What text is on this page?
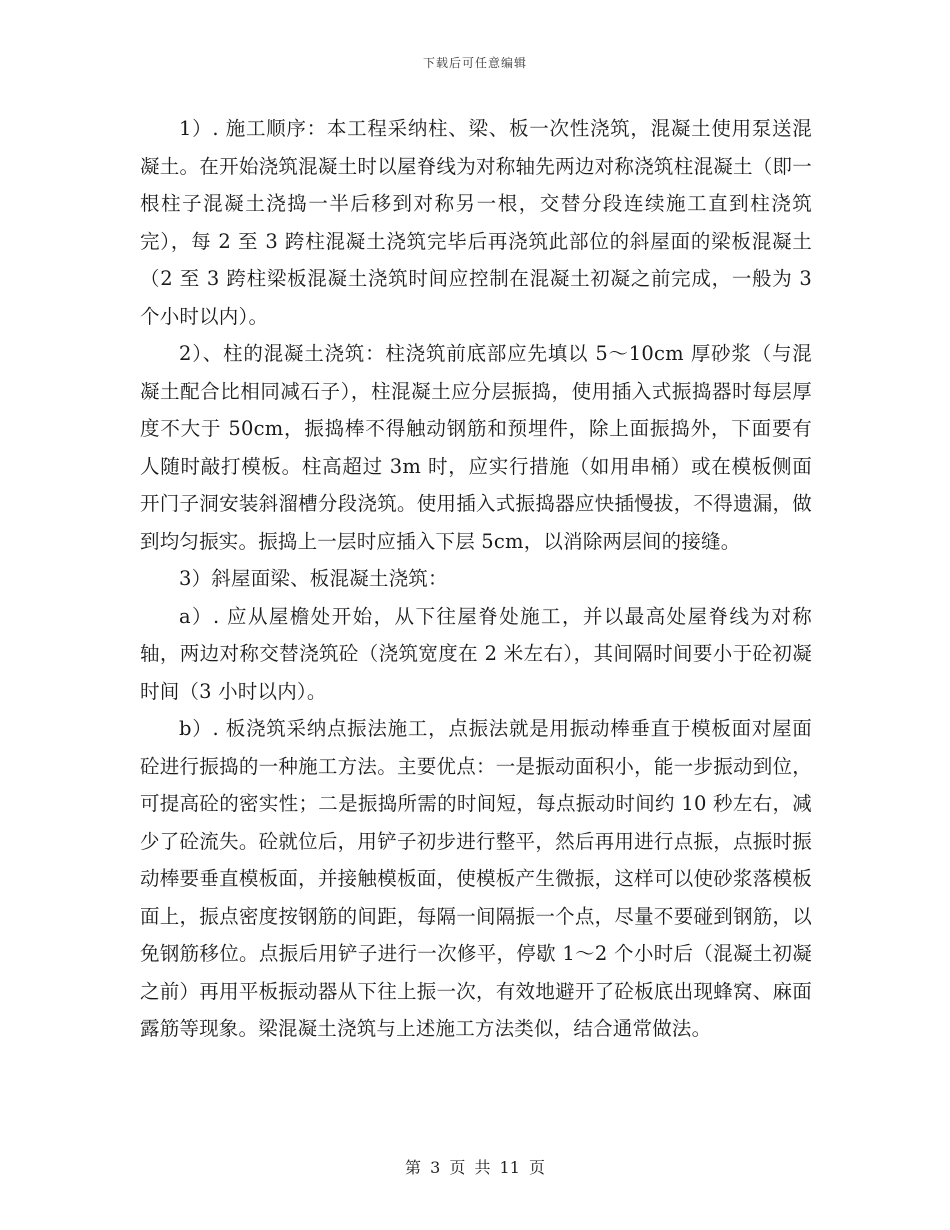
下载后可任意编辑

1）. 施工顺序：本工程采纳柱、梁、板一次性浇筑，混凝土使用泵送混凝土。在开始浇筑混凝土时以屋脊线为对称轴先两边对称浇筑柱混凝土（即一根柱子混凝土浇捣一半后移到对称另一根，交替分段连续施工直到柱浇筑完），每 2 至 3 跨柱混凝土浇筑完毕后再浇筑此部位的斜屋面的梁板混凝土（2 至 3 跨柱梁板混凝土浇筑时间应控制在混凝土初凝之前完成，一般为 3 个小时以内）。

2）、柱的混凝土浇筑：柱浇筑前底部应先填以 5～10cm 厚砂浆（与混凝土配合比相同减石子），柱混凝土应分层振捣，使用插入式振捣器时每层厚度不大于 50cm，振捣棒不得触动钢筋和预埋件，除上面振捣外，下面要有人随时敲打模板。柱高超过 3m 时，应实行措施（如用串桶）或在模板侧面开门子洞安装斜溜槽分段浇筑。使用插入式振捣器应快插慢拔，不得遗漏，做到均匀振实。振捣上一层时应插入下层 5cm，以消除两层间的接缝。

3）斜屋面梁、板混凝土浇筑：

a）. 应从屋檐处开始，从下往屋脊处施工，并以最高处屋脊线为对称轴，两边对称交替浇筑砼（浇筑宽度在 2 米左右），其间隔时间要小于砼初凝时间（3 小时以内）。

b）. 板浇筑采纳点振法施工，点振法就是用振动棒垂直于模板面对屋面砼进行振捣的一种施工方法。主要优点：一是振动面积小，能一步振动到位，可提高砼的密实性；二是振捣所需的时间短，每点振动时间约 10 秒左右，减少了砼流失。砼就位后，用铲子初步进行整平，然后再用进行点振，点振时振动棒要垂直模板面，并接触模板面，使模板产生微振，这样可以使砂浆落模板面上，振点密度按钢筋的间距，每隔一间隔振一个点，尽量不要碰到钢筋，以免钢筋移位。点振后用铲子进行一次修平，停歇 1～2 个小时后（混凝土初凝之前）再用平板振动器从下往上振一次，有效地避开了砼板底出现蜂窝、麻面露筋等现象。梁混凝土浇筑与上述施工方法类似，结合通常做法。

第 3 页 共 11 页
